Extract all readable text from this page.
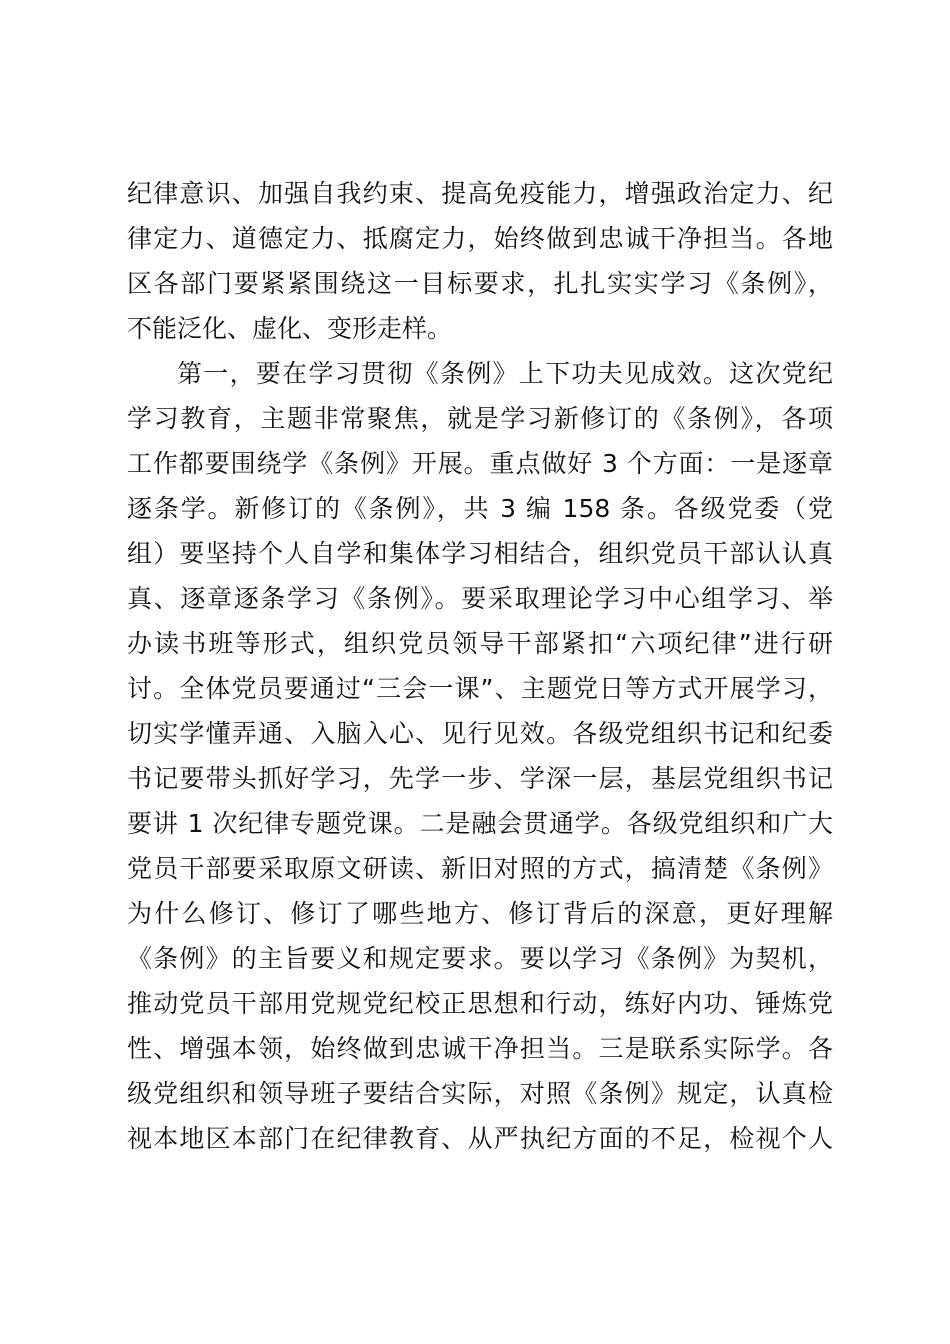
纪律意识、加强自我约束、提高免疫能力，增强政治定力、纪
律定力、道德定力、抵腐定力，始终做到忠诚干净担当。各地
区各部门要紧紧围绕这一目标要求，扎扎实实学习《条例》，
不能泛化、虚化、变形走样。
第一，要在学习贯彻《条例》上下功夫见成效。这次党纪
学习教育，主题非常聚焦，就是学习新修订的《条例》，各项
工作都要围绕学《条例》开展。重点做好 3 个方面：一是逐章
逐条学。新修订的《条例》，共 3 编 158 条。各级党委（党
组）要坚持个人自学和集体学习相结合，组织党员干部认认真
真、逐章逐条学习《条例》。要采取理论学习中心组学习、举
办读书班等形式，组织党员领导干部紧扣“六项纪律”进行研
讨。全体党员要通过“三会一课”、主题党日等方式开展学习，
切实学懂弄通、入脑入心、见行见效。各级党组织书记和纪委
书记要带头抓好学习，先学一步、学深一层，基层党组织书记
要讲 1 次纪律专题党课。二是融会贯通学。各级党组织和广大
党员干部要采取原文研读、新旧对照的方式，搞清楚《条例》
为什么修订、修订了哪些地方、修订背后的深意，更好理解
《条例》的主旨要义和规定要求。要以学习《条例》为契机，
推动党员干部用党规党纪校正思想和行动，练好内功、锤炼党
性、增强本领，始终做到忠诚干净担当。三是联系实际学。各
级党组织和领导班子要结合实际，对照《条例》规定，认真检
视本地区本部门在纪律教育、从严执纪方面的不足，检视个人
